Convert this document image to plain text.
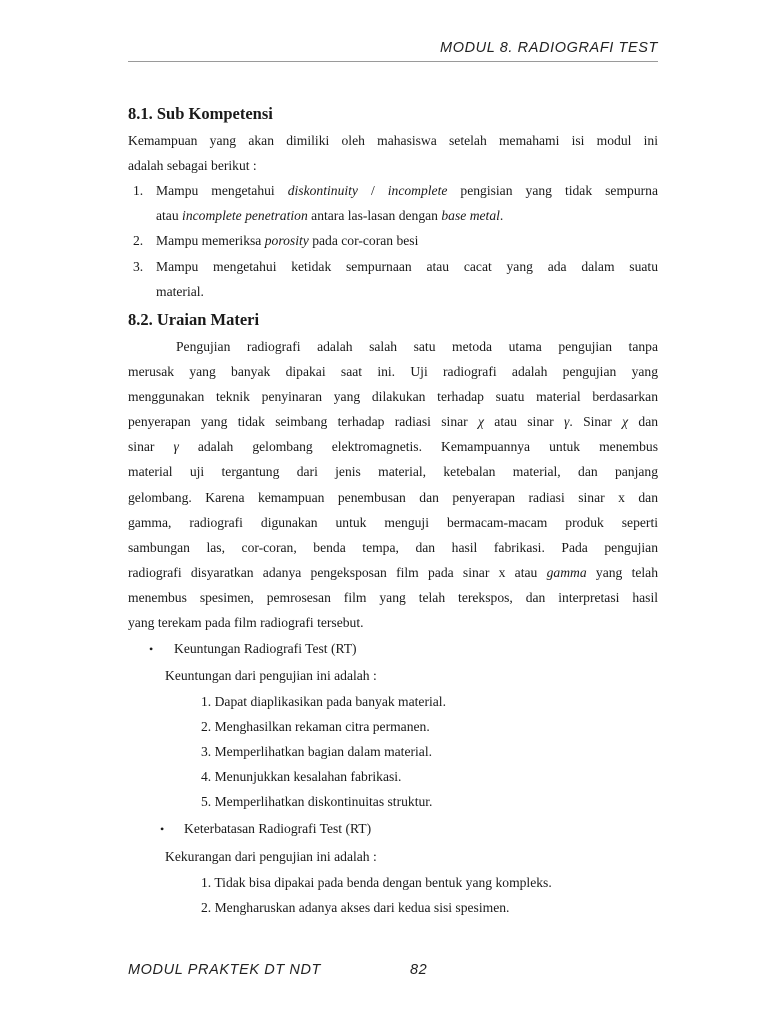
MODUL 8. RADIOGRAFI TEST
8.1. Sub Kompetensi
Kemampuan yang akan dimiliki oleh mahasiswa setelah memahami isi modul ini
adalah sebagai berikut :
1. Mampu mengetahui diskontinuity / incomplete pengisian yang tidak sempurna
atau incomplete penetration antara las-lasan dengan base metal.
2. Mampu memeriksa porosity pada cor-coran besi
3. Mampu mengetahui ketidak sempurnaan atau cacat yang ada dalam suatu
material.
8.2. Uraian Materi
Pengujian radiografi adalah salah satu metoda utama pengujian tanpa
merusak yang banyak dipakai saat ini. Uji radiografi adalah pengujian yang
menggunakan teknik penyinaran yang dilakukan terhadap suatu material berdasarkan
penyerapan yang tidak seimbang terhadap radiasi sinar χ atau sinar γ. Sinar χ dan
sinar γ adalah gelombang elektromagnetis. Kemampuannya untuk menembus
material uji tergantung dari jenis material, ketebalan material, dan panjang
gelombang. Karena kemampuan penembusan dan penyerapan radiasi sinar x dan
gamma, radiografi digunakan untuk menguji bermacam-macam produk seperti
sambungan las, cor-coran, benda tempa, dan hasil fabrikasi. Pada pengujian
radiografi disyaratkan adanya pengeksposan film pada sinar x atau gamma yang telah
menembus spesimen, pemrosesan film yang telah terekspos, dan interpretasi hasil
yang terekam pada film radiografi tersebut.
• Keuntungan Radiografi Test (RT)
Keuntungan dari pengujian ini adalah :
1. Dapat diaplikasikan pada banyak material.
2. Menghasilkan rekaman citra permanen.
3. Memperlihatkan bagian dalam material.
4. Menunjukkan kesalahan fabrikasi.
5. Memperlihatkan diskontinuitas struktur.
• Keterbatasan Radiografi Test (RT)
Kekurangan dari pengujian ini adalah :
1. Tidak bisa dipakai pada benda dengan bentuk yang kompleks.
2. Mengharuskan adanya akses dari kedua sisi spesimen.
MODUL PRAKTEK DT NDT	82
